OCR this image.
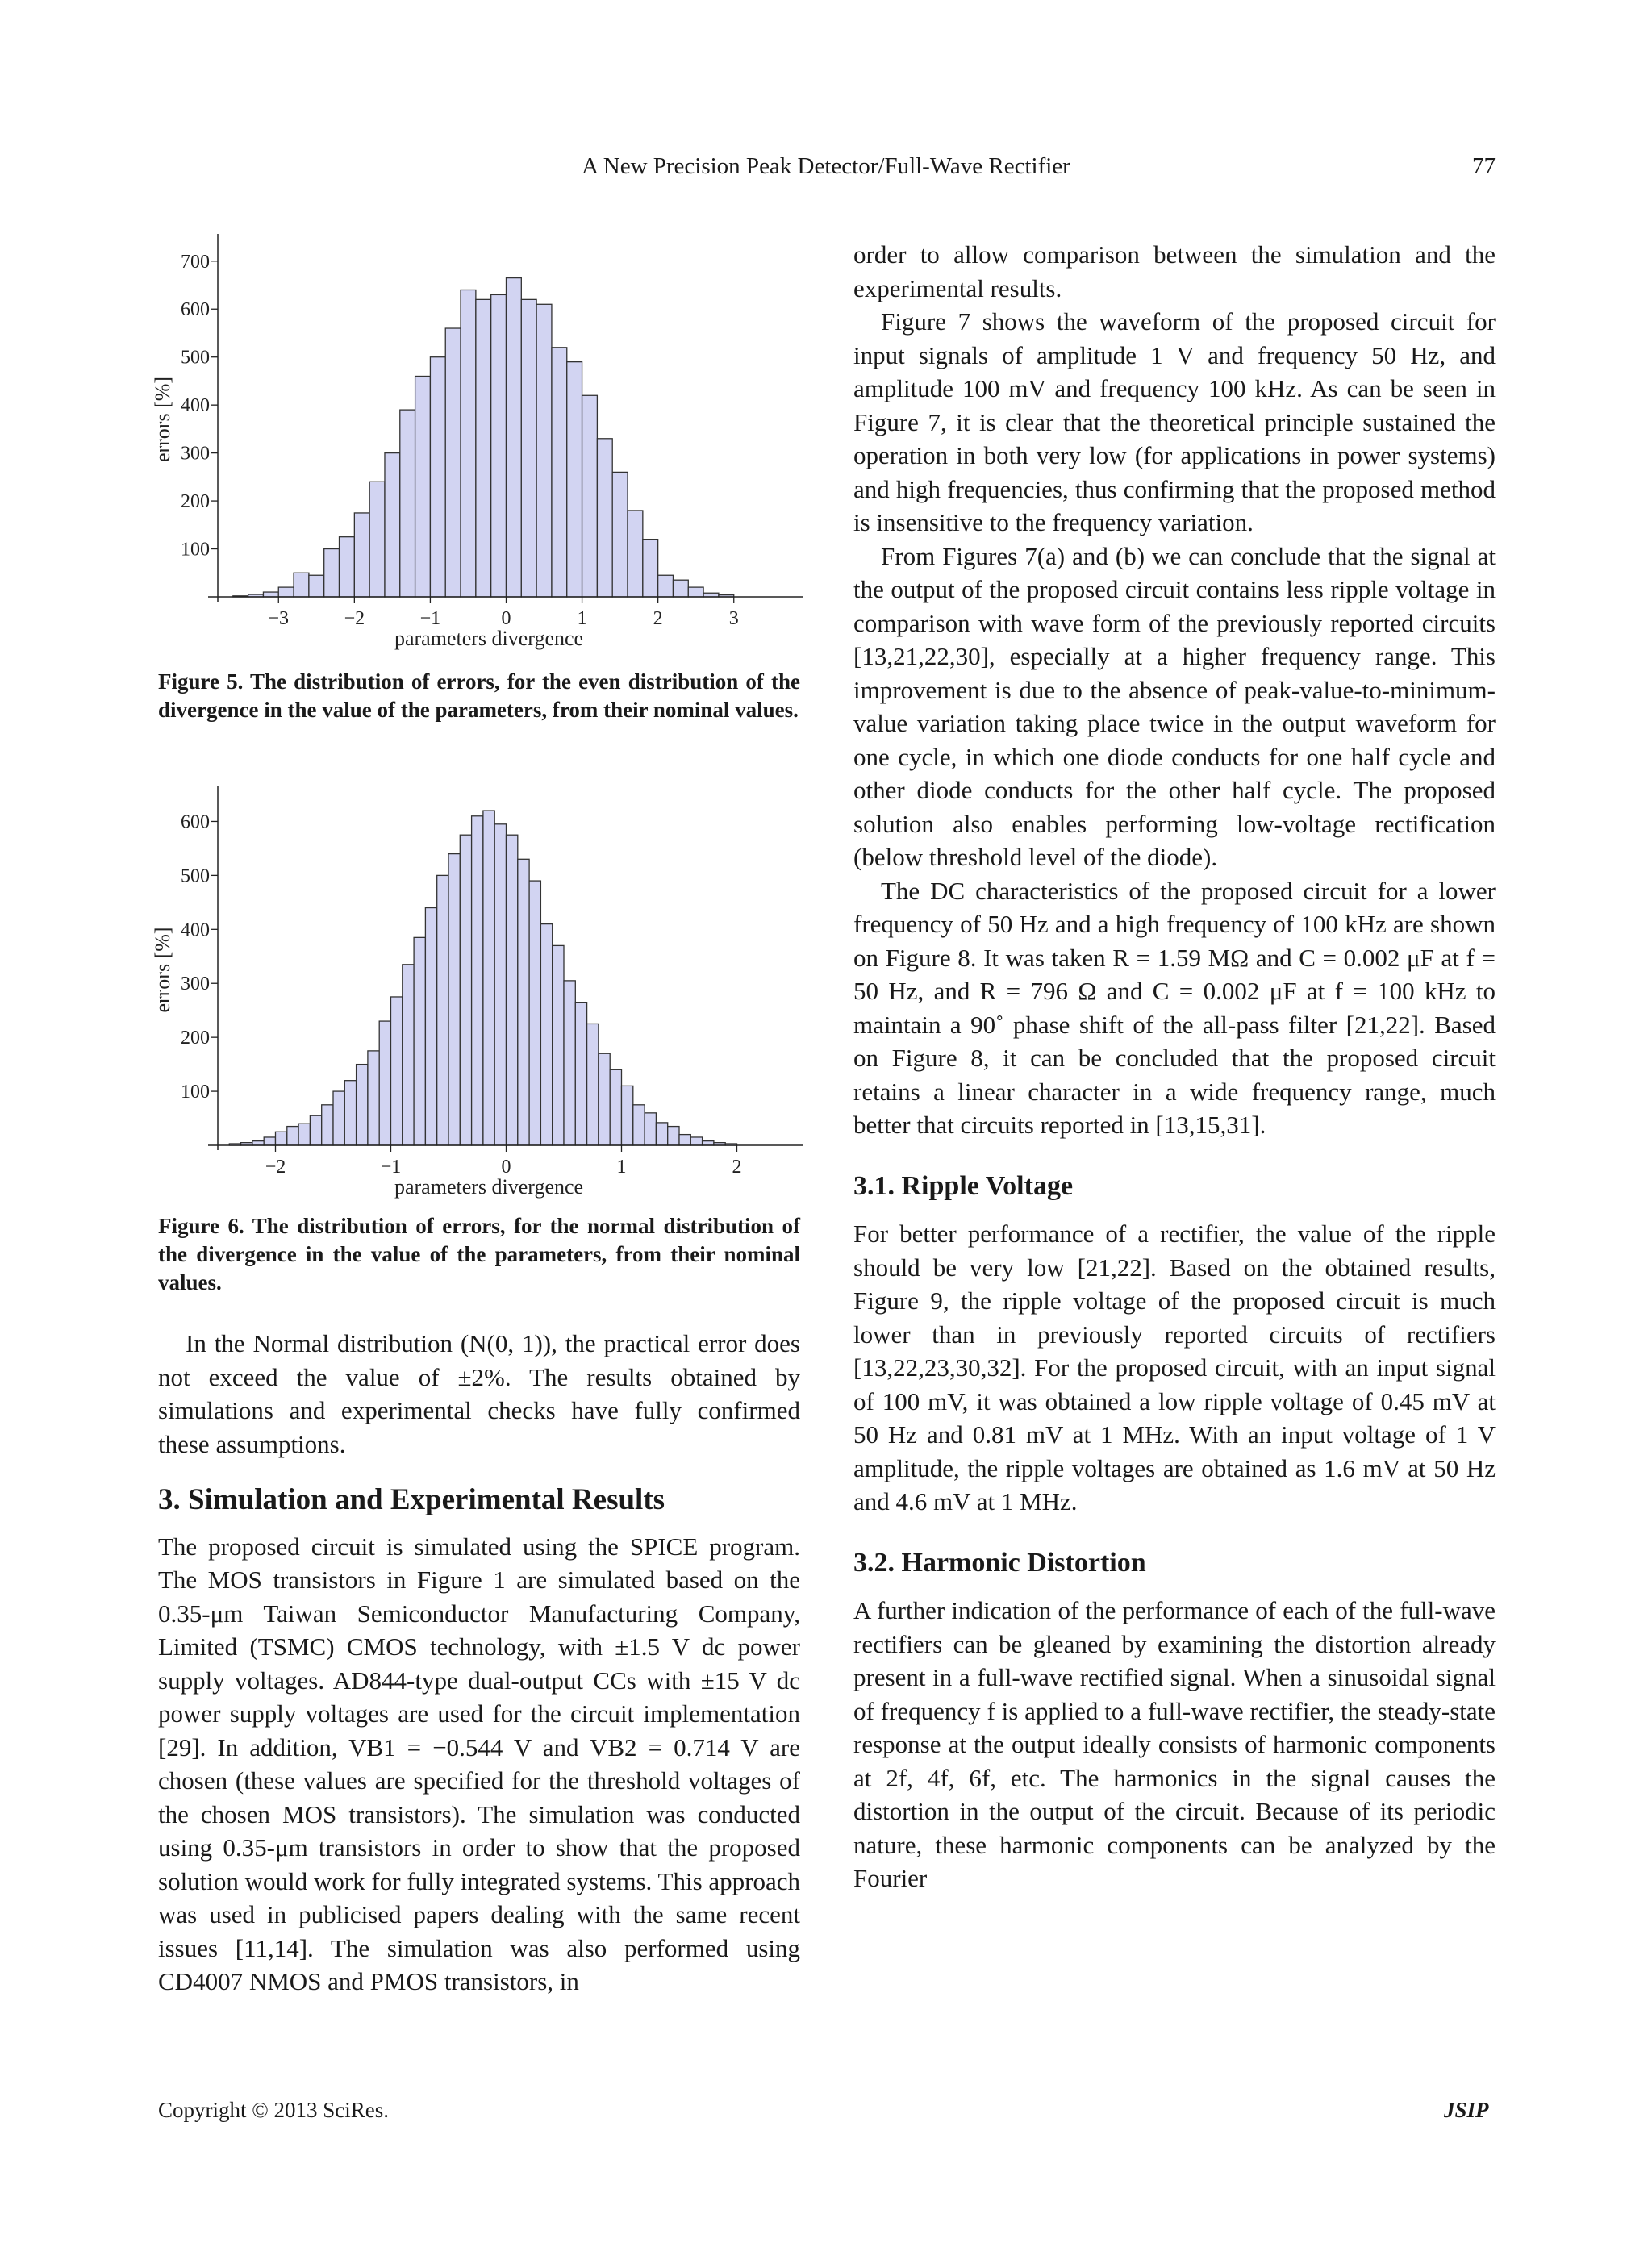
A New Precision Peak Detector/Full-Wave Rectifier	77
−3	−2	−1	0	1	2	3
100
200
300
400
500
600
700
parameters divergence
errors [%]
Figure 5. The distribution of errors, for the even distribution of the divergence in the value of the parameters, from their nominal values.
−2	−1	0	1	2
100
200
300
400
500
600
parameters divergence
errors [%]
Figure 6. The distribution of errors, for the normal distribution of the divergence in the value of the parameters, from their nominal values.

In the Normal distribution (N(0, 1)), the practical error does not exceed the value of ±2%. The results obtained by simulations and experimental checks have fully confirmed these assumptions.

3. Simulation and Experimental Results

The proposed circuit is simulated using the SPICE program. The MOS transistors in Figure 1 are simulated based on the 0.35-μm Taiwan Semiconductor Manufacturing Company, Limited (TSMC) CMOS technology, with ±1.5 V dc power supply voltages. AD844-type dual-output CCs with ±15 V dc power supply voltages are used for the circuit implementation [29]. In addition, VB1 = −0.544 V and VB2 = 0.714 V are chosen (these values are specified for the threshold voltages of the chosen MOS transistors). The simulation was conducted using 0.35-μm transistors in order to show that the proposed solution would work for fully integrated systems. This approach was used in publicised papers dealing with the same recent issues [11,14]. The simulation was also performed using CD4007 NMOS and PMOS transistors, in

order to allow comparison between the simulation and the experimental results.

Figure 7 shows the waveform of the proposed circuit for input signals of amplitude 1 V and frequency 50 Hz, and amplitude 100 mV and frequency 100 kHz. As can be seen in Figure 7, it is clear that the theoretical principle sustained the operation in both very low (for applications in power systems) and high frequencies, thus confirming that the proposed method is insensitive to the frequency variation.

From Figures 7(a) and (b) we can conclude that the signal at the output of the proposed circuit contains less ripple voltage in comparison with wave form of the previously reported circuits [13,21,22,30], especially at a higher frequency range. This improvement is due to the absence of peak-value-to-minimum-value variation taking place twice in the output waveform for one cycle, in which one diode conducts for one half cycle and other diode conducts for the other half cycle. The proposed solution also enables performing low-voltage rectification (below threshold level of the diode).

The DC characteristics of the proposed circuit for a lower frequency of 50 Hz and a high frequency of 100 kHz are shown on Figure 8. It was taken R = 1.59 MΩ and C = 0.002 μF at f = 50 Hz, and R = 796 Ω and C = 0.002 μF at f = 100 kHz to maintain a 90˚ phase shift of the all-pass filter [21,22]. Based on Figure 8, it can be concluded that the proposed circuit retains a linear character in a wide frequency range, much better that circuits reported in [13,15,31].

3.1. Ripple Voltage

For better performance of a rectifier, the value of the ripple should be very low [21,22]. Based on the obtained results, Figure 9, the ripple voltage of the proposed circuit is much lower than in previously reported circuits of rectifiers [13,22,23,30,32]. For the proposed circuit, with an input signal of 100 mV, it was obtained a low ripple voltage of 0.45 mV at 50 Hz and 0.81 mV at 1 MHz. With an input voltage of 1 V amplitude, the ripple voltages are obtained as 1.6 mV at 50 Hz and 4.6 mV at 1 MHz.

3.2. Harmonic Distortion

A further indication of the performance of each of the full-wave rectifiers can be gleaned by examining the distortion already present in a full-wave rectified signal. When a sinusoidal signal of frequency f is applied to a full-wave rectifier, the steady-state response at the output ideally consists of harmonic components at 2f, 4f, 6f, etc. The harmonics in the signal causes the distortion in the output of the circuit. Because of its periodic nature, these harmonic components can be analyzed by the Fourier

Copyright © 2013 SciRes.	JSIP
